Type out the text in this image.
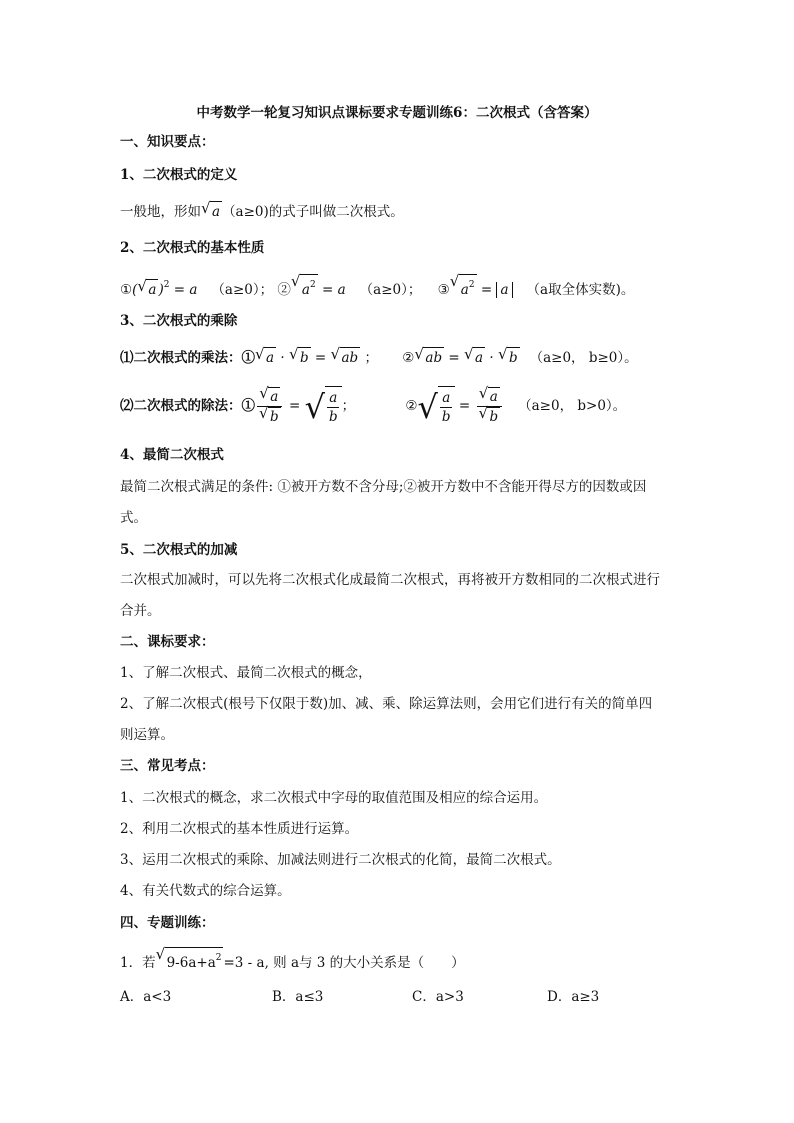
中考数学一轮复习知识点课标要求专题训练6：二次根式（含答案）
一、知识要点：
1、二次根式的定义
一般地，形如 √ a （a≥0)的式子叫做二次根式。
2、二次根式的基本性质
①( √ a )$^2$ = a （a≥0）； ② √ $a^2 = a$ （a≥0）； ③ √ $a^2 = a$ （a取全体实数)。
3、二次根式的乘除
⑴二次根式的乘法：① √ a · √ b = √ ab ； ② √ ab = √ a · √ b （a≥0， b≥0）。
⑵二次根式的除法：① $\frac{√ a}{√ b}$ = √ $\frac{a}{b}$ ；	② √ $\frac{a}{b} = \frac{√ a}{√ b} (a\ge 0$， b>0）。
4、最简二次根式
最简二次根式满足的条件: ①被开方数不含分母;②被开方数中不含能开得尽方的因数或因
式。
5、二次根式的加减
二次根式加减时，可以先将二次根式化成最简二次根式，再将被开方数相同的二次根式进行
合并。
二、课标要求：
1、了解二次根式、最简二次根式的概念，
2、了解二次根式(根号下仅限于数)加、减、乘、除运算法则，会用它们进行有关的简单四
则运算。
三、常见考点：
1、二次根式的概念，求二次根式中字母的取值范围及相应的综合运用。
2、利用二次根式的基本性质进行运算。
3、运用二次根式的乘除、加减法则进行二次根式的化简，最简二次根式。
4、有关代数式的综合运算。
四、专题训练：
1．若 √ $9-6a+a^2 =3 - a$, 则 a与 3 的大小关系是（　　）
A．a<3	B．a≤3	C．a>3	D．a≥3
